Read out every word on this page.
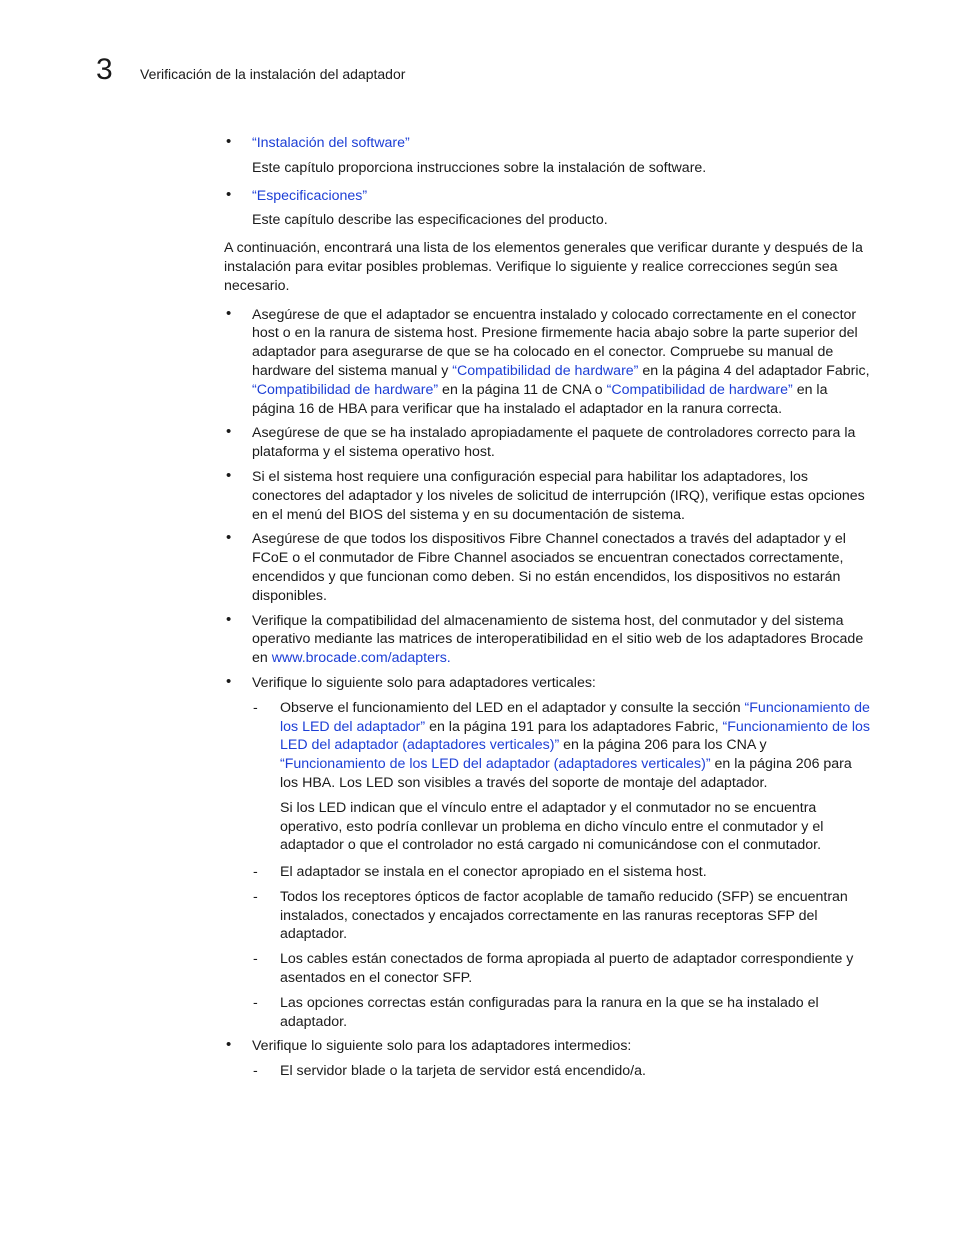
3 Verificación de la instalación del adaptador
• “Instalación del software”
Este capítulo proporciona instrucciones sobre la instalación de software.
• “Especificaciones”
Este capítulo describe las especificaciones del producto.

A continuación, encontrará una lista de los elementos generales que verificar durante y después de la instalación para evitar posibles problemas. Verifique lo siguiente y realice correcciones según sea necesario.

• Asegúrese de que el adaptador se encuentra instalado y colocado correctamente en el conector host o en la ranura de sistema host. Presione firmemente hacia abajo sobre la parte superior del adaptador para asegurarse de que se ha colocado en el conector. Compruebe su manual de hardware del sistema manual y “Compatibilidad de hardware” en la página 4 del adaptador Fabric, “Compatibilidad de hardware” en la página 11 de CNA o “Compatibilidad de hardware” en la página 16 de HBA para verificar que ha instalado el adaptador en la ranura correcta.
• Asegúrese de que se ha instalado apropiadamente el paquete de controladores correcto para la plataforma y el sistema operativo host.
• Si el sistema host requiere una configuración especial para habilitar los adaptadores, los conectores del adaptador y los niveles de solicitud de interrupción (IRQ), verifique estas opciones en el menú del BIOS del sistema y en su documentación de sistema.
• Asegúrese de que todos los dispositivos Fibre Channel conectados a través del adaptador y el FCoE o el conmutador de Fibre Channel asociados se encuentran conectados correctamente, encendidos y que funcionan como deben. Si no están encendidos, los dispositivos no estarán disponibles.
• Verifique la compatibilidad del almacenamiento de sistema host, del conmutador y del sistema operativo mediante las matrices de interoperatibilidad en el sitio web de los adaptadores Brocade en www.brocade.com/adapters.
• Verifique lo siguiente solo para adaptadores verticales:
- Observe el funcionamiento del LED en el adaptador y consulte la sección “Funcionamiento de los LED del adaptador” en la página 191 para los adaptadores Fabric, “Funcionamiento de los LED del adaptador (adaptadores verticales)” en la página 206 para los CNA y “Funcionamiento de los LED del adaptador (adaptadores verticales)” en la página 206 para los HBA. Los LED son visibles a través del soporte de montaje del adaptador.
Si los LED indican que el vínculo entre el adaptador y el conmutador no se encuentra operativo, esto podría conllevar un problema en dicho vínculo entre el conmutador y el adaptador o que el controlador no está cargado ni comunicándose con el conmutador.
- El adaptador se instala en el conector apropiado en el sistema host.
- Todos los receptores ópticos de factor acoplable de tamaño reducido (SFP) se encuentran instalados, conectados y encajados correctamente en las ranuras receptoras SFP del adaptador.
- Los cables están conectados de forma apropiada al puerto de adaptador correspondiente y asentados en el conector SFP.
- Las opciones correctas están configuradas para la ranura en la que se ha instalado el adaptador.
• Verifique lo siguiente solo para los adaptadores intermedios:
- El servidor blade o la tarjeta de servidor está encendido/a.
